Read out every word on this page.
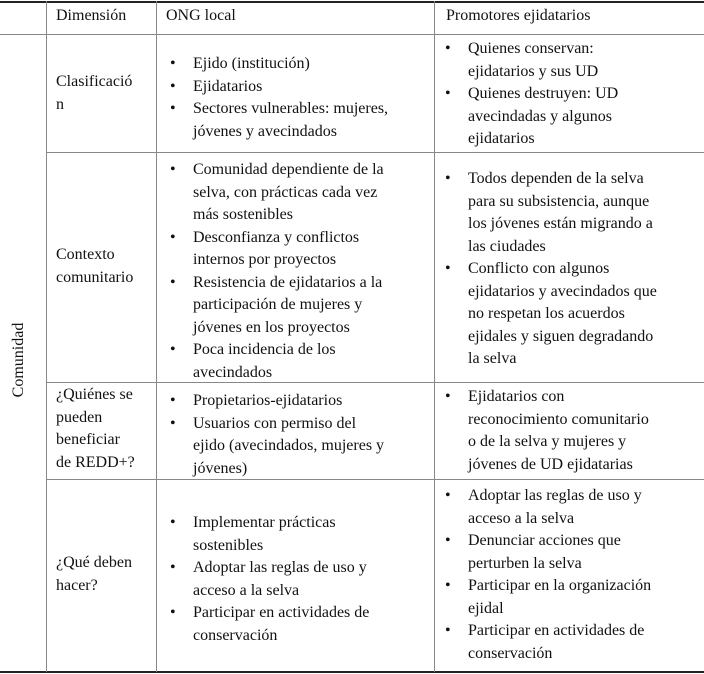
Dimensión	ONG local	Promotores ejidatarios
Comunidad
Clasificació
n
• Ejido (institución)
• Ejidatarios
• Sectores vulnerables: mujeres,
jóvenes y avecindados
• Quienes conservan:
ejidatarios y sus UD
• Quienes destruyen: UD
avecindadas y algunos
ejidatarios
Contexto
comunitario
• Comunidad dependiente de la
selva, con prácticas cada vez
más sostenibles
• Desconfianza y conflictos
internos por proyectos
• Resistencia de ejidatarios a la
participación de mujeres y
jóvenes en los proyectos
• Poca incidencia de los
avecindados
• Todos dependen de la selva
para su subsistencia, aunque
los jóvenes están migrando a
las ciudades
• Conflicto con algunos
ejidatarios y avecindados que
no respetan los acuerdos
ejidales y siguen degradando
la selva
¿Quiénes se
pueden
beneficiar
de REDD+?
• Propietarios-ejidatarios
• Usuarios con permiso del
ejido (avecindados, mujeres y
jóvenes)
• Ejidatarios con
reconocimiento comunitario
o de la selva y mujeres y
jóvenes de UD ejidatarias
¿Qué deben
hacer?
• Implementar prácticas
sostenibles
• Adoptar las reglas de uso y
acceso a la selva
• Participar en actividades de
conservación
• Adoptar las reglas de uso y
acceso a la selva
• Denunciar acciones que
perturben la selva
• Participar en la organización
ejidal
• Participar en actividades de
conservación
